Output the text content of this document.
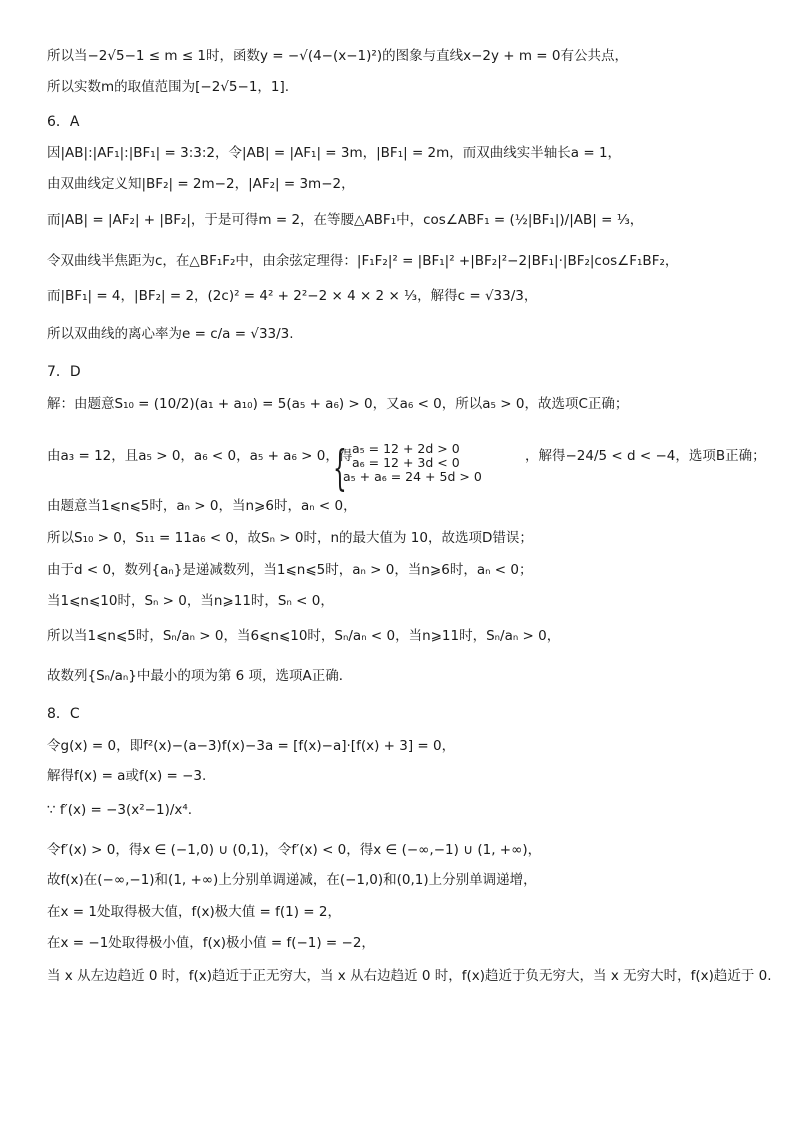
所以当−2√5−1 ≤ m ≤ 1时，函数y = −√(4−(x−1)²)的图象与直线x−2y + m = 0有公共点，
所以实数m的取值范围为[−2√5−1，1].
6．A
因|AB|:|AF₁|:|BF₁| = 3:3:2，令|AB| = |AF₁| = 3m，|BF₁| = 2m，而双曲线实半轴长a = 1，
由双曲线定义知|BF₂| = 2m−2，|AF₂| = 3m−2，
而|AB| = |AF₂| + |BF₂|，于是可得m = 2，在等腰△ABF₁中，cos∠ABF₁ = (½|BF₁|)/|AB| = ⅓，
令双曲线半焦距为c，在△BF₁F₂中，由余弦定理得：|F₁F₂|² = |BF₁|² +|BF₂|²−2|BF₁|·|BF₂|cos∠F₁BF₂，
而|BF₁| = 4，|BF₂| = 2，(2c)² = 4² + 2²−2 × 4 × 2 × ⅓，解得c = √33/3，
所以双曲线的离心率为e = c/a = √33/3.
7．D
解：由题意S₁₀ = (10/2)(a₁ + a₁₀) = 5(a₅ + a₆) > 0，又a₆ < 0，所以a₅ > 0，故选项C正确；
由a₃ = 12，且a₅ > 0，a₆ < 0，a₅ + a₆ > 0，得
{ a₅ = 12 + 2d > 0
a₆ = 12 + 3d < 0
a₅ + a₆ = 24 + 5d > 0
，解得−24/5 < d < −4，选项B正确；
由题意当1⩽n⩽5时，aₙ > 0，当n⩾6时，aₙ < 0，
所以S₁₀ > 0，S₁₁ = 11a₆ < 0，故Sₙ > 0时，n的最大值为 10，故选项D错误；
由于d < 0，数列{aₙ}是递减数列，当1⩽n⩽5时，aₙ > 0，当n⩾6时，aₙ < 0；
当1⩽n⩽10时，Sₙ > 0，当n⩾11时，Sₙ < 0，
所以当1⩽n⩽5时，Sₙ/aₙ > 0，当6⩽n⩽10时，Sₙ/aₙ < 0，当n⩾11时，Sₙ/aₙ > 0，
故数列{Sₙ/aₙ}中最小的项为第 6 项，选项A正确．
8．C
令g(x) = 0，即f²(x)−(a−3)f(x)−3a = [f(x)−a]·[f(x) + 3] = 0，
解得f(x) = a或f(x) = −3.
∵ f′(x) = −3(x²−1)/x⁴.
令f′(x) > 0，得x ∈ (−1,0) ∪ (0,1)，令f′(x) < 0，得x ∈ (−∞,−1) ∪ (1, +∞)，
故f(x)在(−∞,−1)和(1, +∞)上分别单调递减，在(−1,0)和(0,1)上分别单调递增，
在x = 1处取得极大值，f(x)极大值 = f(1) = 2，
在x = −1处取得极小值，f(x)极小值 = f(−1) = −2，
当 x 从左边趋近 0 时，f(x)趋近于正无穷大，当 x 从右边趋近 0 时，f(x)趋近于负无穷大，当 x 无穷大时，f(x)趋近于 0.
